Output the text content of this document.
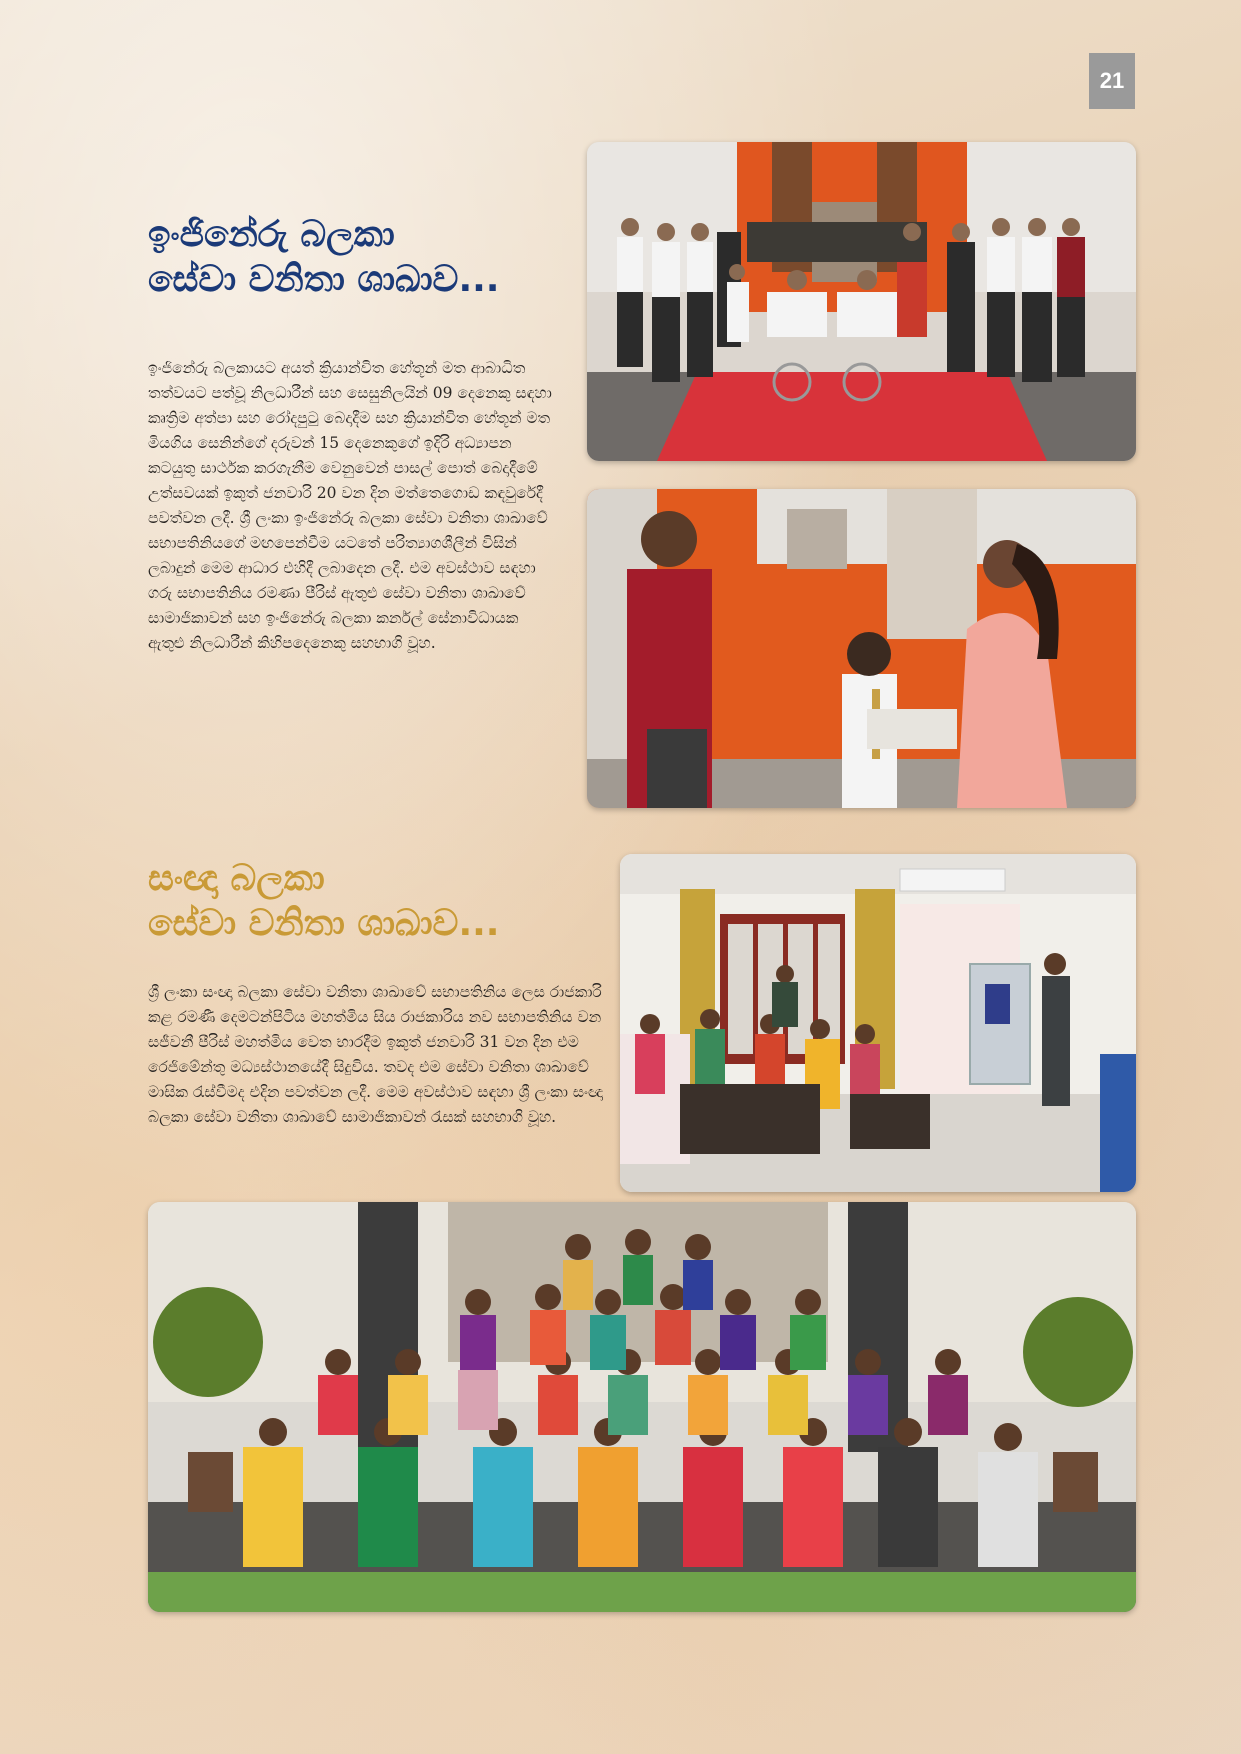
21
ඉංජිනේරු බලකා
සේවා වනිතා ශාඛාව...

ඉංජිනේරු බලකායට අයත් ක්‍රියාන්විත හේතූන් මත ආබාධිත තත්වයට පත්වූ නිලධාරීන් සහ සෙසුනිලයින් 09 දෙනෙකු සඳහා කෘත්‍රිම අත්පා සහ රෝදපුටු බෙදාදීම සහ ක්‍රියාන්විත හේතූන් මත මියගිය සෙනින්ගේ දරුවන් 15 දෙනෙකුගේ ඉදිරි අධ්‍යාපන කටයුතු සාර්ථක කරගැනීම වෙනුවෙන් පාසල් පොත් බෙදාදීමේ උත්සවයක් ඉකුත් ජනවාරි 20 වන දින මත්තෙගොඩ කඳවුරේදී පවත්වන ලදී. ශ්‍රී ලංකා ඉංජිනේරු බලකා සේවා වනිතා ශාඛාවේ සභාපතිනියගේ මඟපෙන්වීම යටතේ පරිත්‍යාගශීලීන් විසින් ලබාදුන් මෙම ආධාර එහිදී ලබාදෙන ලදී. එම අවස්ථාව සඳහා ගරු සභාපතිනිය රමණා පීරිස් ඇතුළු සේවා වනිතා ශාඛාවේ සාමාජිකාවන් සහ ඉංජිනේරු බලකා කර්නල් සේනාවිධායක ඇතුළු නිලධාරීන් කිහිපදෙනෙකු සහභාගි වූහ.

සංඥා බලකා
සේවා වනිතා ශාඛාව...

ශ්‍රී ලංකා සංඥා බලකා සේවා වනිතා ශාඛාවේ සභාපතිනිය ලෙස රාජකාරි කළ රමණී දෙමටන්පිටිය මහත්මිය සිය රාජකාරිය නව සභාපතිනිය වන සජීවනී පීරිස් මහත්මිය වෙත භාරදීම ඉකුත් ජනවාරි 31 වන දින එම රෙජිමේන්තු මධ්‍යස්ථානයේදී සිදුවිය. තවද එම සේවා වනිතා ශාඛාවේ මාසික රැස්වීමද එදින පවත්වන ලදී. මෙම අවස්ථාව සඳහා ශ්‍රී ලංකා සංඥා බලකා සේවා වනිතා ශාඛාවේ සාමාජිකාවන් රැසක් සහභාගි වූහ.
